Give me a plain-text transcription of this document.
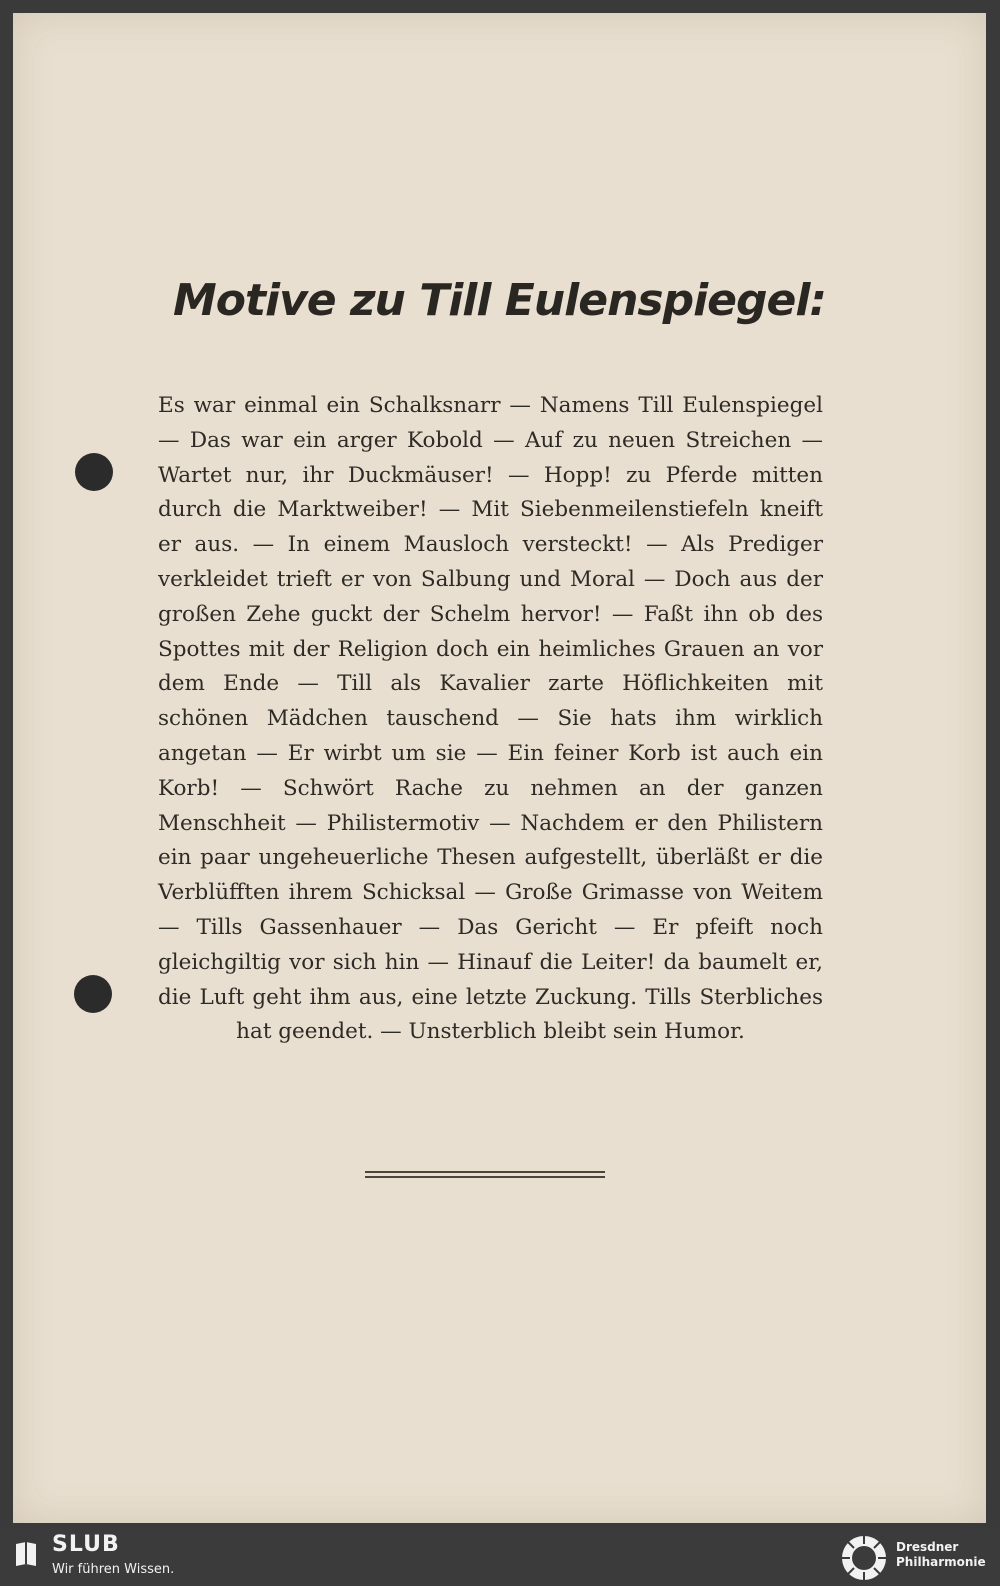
Motive zu Till Eulenspiegel:
Es war einmal ein Schalksnarr — Namens Till Eulenspiegel — Das war ein arger Kobold — Auf zu neuen Streichen — Wartet nur, ihr Duckmäuser! — Hopp! zu Pferde mitten durch die Marktweiber! — Mit Siebenmeilenstiefeln kneift er aus. — In einem Mausloch versteckt! — Als Prediger verkleidet trieft er von Salbung und Moral — Doch aus der großen Zehe guckt der Schelm hervor! — Faßt ihn ob des Spottes mit der Religion doch ein heimliches Grauen an vor dem Ende — Till als Kavalier zarte Höflichkeiten mit schönen Mädchen tauschend — Sie hats ihm wirklich angetan — Er wirbt um sie — Ein feiner Korb ist auch ein Korb! — Schwört Rache zu nehmen an der ganzen Menschheit — Philistermotiv — Nachdem er den Philistern ein paar ungeheuerliche Thesen aufgestellt, überläßt er die Verblüfften ihrem Schicksal — Große Grimasse von Weitem — Tills Gassenhauer — Das Gericht — Er pfeift noch gleichgiltig vor sich hin — Hinauf die Leiter! da baumelt er, die Luft geht ihm aus, eine letzte Zuckung. Tills Sterbliches hat geendet. — Unsterblich bleibt sein Humor.
SLUB
Wir führen Wissen.
Dresdner
Philharmonie
